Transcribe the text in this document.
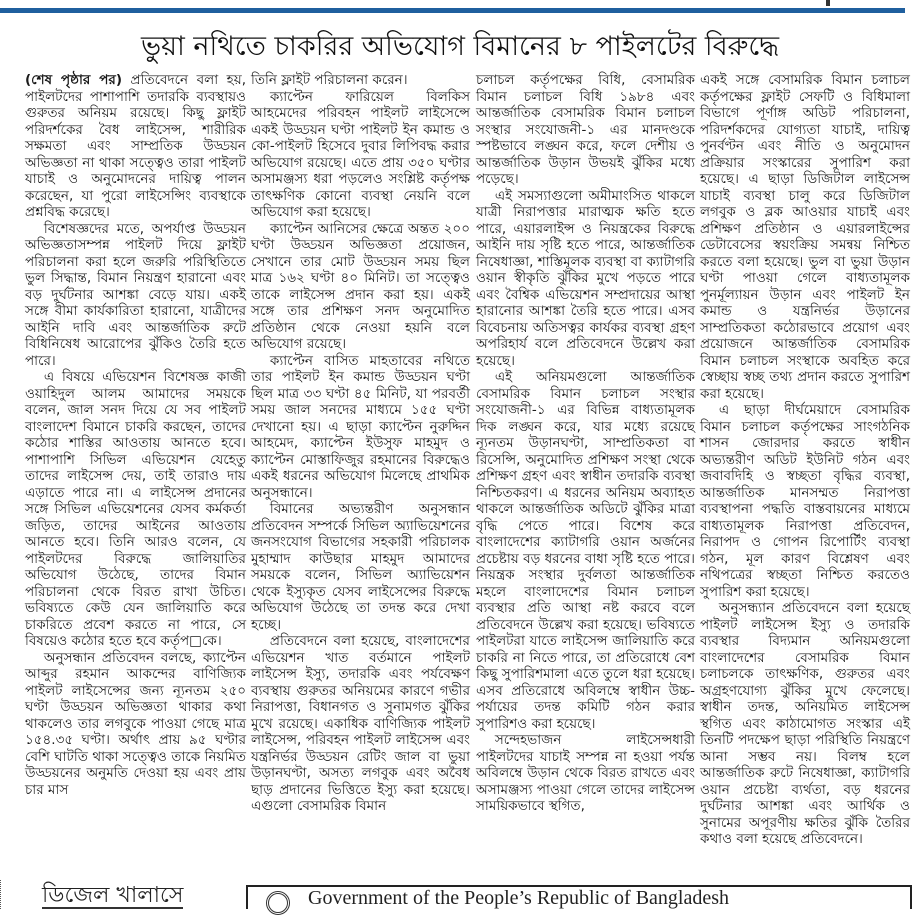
ভুয়া নথিতে চাকরির অভিযোগ বিমানের ৮ পাইলটের বিরুদ্ধে

(শেষ পৃষ্ঠার পর) প্রতিবেদনে বলা হয়, পাইলটদের পাশাপাশি তদারকি ব্যবস্থায়ও গুরুতর অনিয়ম রয়েছে। কিছু ফ্লাইট পরিদর্শকের বৈধ লাইসেন্স, শারীরিক সক্ষমতা এবং সাম্প্রতিক উড্ডয়ন অভিজ্ঞতা না থাকা সত্ত্বেও তারা পাইলট যাচাই ও অনুমোদনের দায়িত্ব পালন করেছেন, যা পুরো লাইসেন্সিং ব্যবস্থাকে প্রশ্নবিদ্ধ করেছে।

বিশেষজ্ঞদের মতে, অপর্যাপ্ত উড্ডয়ন অভিজ্ঞতাসম্পন্ন পাইলট দিয়ে ফ্লাইট পরিচালনা করা হলে জরুরি পরিস্থিতিতে ভুল সিদ্ধান্ত, বিমান নিয়ন্ত্রণ হারানো এবং বড় দুর্ঘটনার আশঙ্কা বেড়ে যায়। একই সঙ্গে বীমা কার্যকারিতা হারানো, যাত্রীদের আইনি দাবি এবং আন্তর্জাতিক রুটে বিধিনিষেধ আরোপের ঝুঁকিও তৈরি হতে পারে।

এ বিষয়ে এভিয়েশন বিশেষজ্ঞ কাজী ওয়াহিদুল আলম আমাদের সময়কে বলেন, জাল সনদ দিয়ে যে সব পাইলট বাংলাদেশ বিমানে চাকরি করছেন, তাদের কঠোর শাস্তির আওতায় আনতে হবে। পাশাপাশি সিভিল এভিয়েশন যেহেতু তাদের লাইসেন্স দেয়, তাই তারাও দায় এড়াতে পারে না। এ লাইসেন্স প্রদানের সঙ্গে সিভিল এভিয়েশনের যেসব কর্মকর্তা জড়িত, তাদের আইনের আওতায় আনতে হবে। তিনি আরও বলেন, যে পাইলটদের বিরুদ্ধে জালিয়াতির অভিযোগ উঠেছে, তাদের বিমান পরিচালনা থেকে বিরত রাখা উচিত। ভবিষ্যতে কেউ যেন জালিয়াতি করে চাকরিতে প্রবেশ করতে না পারে, সে বিষয়েও কঠোর হতে হবে কর্তৃপ□কে।

অনুসন্ধান প্রতিবেদন বলছে, ক্যাপ্টেন আব্দুর রহমান আকন্দের বাণিজ্যিক পাইলট লাইসেন্সের জন্য ন্যূনতম ২৫০ ঘণ্টা উড্ডয়ন অভিজ্ঞতা থাকার কথা থাকলেও তার লগবুকে পাওয়া গেছে মাত্র ১৫৪.৩৫ ঘণ্টা। অর্থাৎ প্রায় ৯৫ ঘণ্টার বেশি ঘাটতি থাকা সত্ত্বেও তাকে নিয়মিত উড্ডয়নের অনুমতি দেওয়া হয় এবং প্রায় চার মাস

তিনি ফ্লাইট পরিচালনা করেন।

ক্যাপ্টেন ফারিয়েল বিলকিস আহমেদের পরিবহন পাইলট লাইসেন্সে একই উড্ডয়ন ঘণ্টা পাইলট ইন কমান্ড ও কো-পাইলট হিসেবে দুবার লিপিবদ্ধ করার অভিযোগ রয়েছে। এতে প্রায় ৩৫০ ঘণ্টার অসামঞ্জস্য ধরা পড়লেও সংশ্লিষ্ট কর্তৃপক্ষ তাৎক্ষণিক কোনো ব্যবস্থা নেয়নি বলে অভিযোগ করা হয়েছে।

ক্যাপ্টেন আনিসের ক্ষেত্রে অন্তত ২০০ ঘণ্টা উড্ডয়ন অভিজ্ঞতা প্রয়োজন, সেখানে তার মোট উড্ডয়ন সময় ছিল মাত্র ১৬২ ঘণ্টা ৪০ মিনিট। তা সত্ত্বেও তাকে লাইসেন্স প্রদান করা হয়। একই সঙ্গে তার প্রশিক্ষণ সনদ অনুমোদিত প্রতিষ্ঠান থেকে নেওয়া হয়নি বলে অভিযোগ রয়েছে।

ক্যাপ্টেন বাসিত মাহতাবের নথিতে তার পাইলট ইন কমান্ড উড্ডয়ন ঘণ্টা ছিল মাত্র ৩৩ ঘণ্টা ৪৫ মিনিট, যা পরবর্তী সময় জাল সনদের মাধ্যমে ১৫৫ ঘণ্টা দেখানো হয়। এ ছাড়া ক্যাপ্টেন নুরুদ্দিন আহমেদ, ক্যাপ্টেন ইউসুফ মাহমুদ ও ক্যাপ্টেন মোস্তাফিজুর রহমানের বিরুদ্ধেও একই ধরনের অভিযোগ মিলেছে প্রাথমিক অনুসন্ধানে।

বিমানের অভ্যন্তরীণ অনুসন্ধান প্রতিবেদন সম্পর্কে সিভিল অ্যাভিয়েশনের জনসংযোগ বিভাগের সহকারী পরিচালক মুহাম্মাদ কাউছার মাহমুদ আমাদের সময়কে বলেন, সিভিল অ্যাভিয়েশন থেকে ইস্যুকৃত যেসব লাইসেন্সের বিরুদ্ধে অভিযোগ উঠেছে তা তদন্ত করে দেখা হচ্ছে।

প্রতিবেদনে বলা হয়েছে, বাংলাদেশের এভিয়েশন খাত বর্তমানে পাইলট লাইসেন্স ইস্যু, তদারকি এবং পর্যবেক্ষণ ব্যবস্থায় গুরুতর অনিয়মের কারণে গভীর নিরাপত্তা, বিধানগত ও সুনামগত ঝুঁকির মুখে রয়েছে। একাধিক বাণিজ্যিক পাইলট লাইসেন্স, পরিবহন পাইলট লাইসেন্স এবং যন্ত্রনির্ভর উড্ডয়ন রেটিং জাল বা ভুয়া উড়ানঘণ্টা, অসত্য লগবুক এবং অবৈধ ছাড় প্রদানের ভিত্তিতে ইস্যু করা হয়েছে। এগুলো বেসামরিক বিমান

চলাচল কর্তৃপক্ষের বিধি, বেসামরিক বিমান চলাচল বিধি ১৯৮৪ এবং আন্তর্জাতিক বেসামরিক বিমান চলাচল সংস্থার সংযোজনী-১ এর মানদণ্ডকে স্পষ্টভাবে লঙ্ঘন করে, ফলে দেশীয় ও আন্তর্জাতিক উড়ান উভয়ই ঝুঁকির মধ্যে পড়েছে।

এই সমস্যাগুলো অমীমাংসিত থাকলে যাত্রী নিরাপত্তার মারাত্মক ক্ষতি হতে পারে, এয়ারলাইন্স ও নিয়ন্ত্রকের বিরুদ্ধে আইনি দায় সৃষ্টি হতে পারে, আন্তর্জাতিক নিষেধাজ্ঞা, শাস্তিমূলক ব্যবস্থা বা ক্যাটাগরি ওয়ান স্বীকৃতি ঝুঁকির মুখে পড়তে পারে এবং বৈশ্বিক এভিয়েশন সম্প্রদায়ের আস্থা হারানোর আশঙ্কা তৈরি হতে পারে। এসব বিবেচনায় অতিসত্বর কার্যকর ব্যবস্থা গ্রহণ অপরিহার্য বলে প্রতিবেদনে উল্লেখ করা হয়েছে।

এই অনিয়মগুলো আন্তর্জাতিক বেসামরিক বিমান চলাচল সংস্থার সংযোজনী-১ এর বিভিন্ন বাধ্যতামূলক দিক লঙ্ঘন করে, যার মধ্যে রয়েছে ন্যূনতম উড়ানঘণ্টা, সাম্প্রতিকতা বা রিসেন্সি, অনুমোদিত প্রশিক্ষণ সংস্থা থেকে প্রশিক্ষণ গ্রহণ এবং স্বাধীন তদারকি ব্যবস্থা নিশ্চিতকরণ। এ ধরনের অনিয়ম অব্যাহত থাকলে আন্তর্জাতিক অডিটে ঝুঁকির মাত্রা বৃদ্ধি পেতে পারে। বিশেষ করে বাংলাদেশের ক্যাটাগরি ওয়ান অর্জনের প্রচেষ্টায় বড় ধরনের বাধা সৃষ্টি হতে পারে। নিয়ন্ত্রক সংস্থার দুর্বলতা আন্তর্জাতিক মহলে বাংলাদেশের বিমান চলাচল ব্যবস্থার প্রতি আস্থা নষ্ট করবে বলে প্রতিবেদনে উল্লেখ করা হয়েছে। ভবিষ্যতে পাইলটরা যাতে লাইসেন্স জালিয়াতি করে চাকরি না নিতে পারে, তা প্রতিরোধে বেশ কিছু সুপারিশমালা এতে তুলে ধরা হয়েছে। এসব প্রতিরোধে অবিলম্বে স্বাধীন উচ্চ-পর্যায়ের তদন্ত কমিটি গঠন করার সুপারিশও করা হয়েছে।

সন্দেহভাজন লাইসেন্সধারী পাইলটদের যাচাই সম্পন্ন না হওয়া পর্যন্ত অবিলম্বে উড়ান থেকে বিরত রাখতে এবং অসামঞ্জস্য পাওয়া গেলে তাদের লাইসেন্স সাময়িকভাবে স্থগিত,

একই সঙ্গে বেসামরিক বিমান চলাচল কর্তৃপক্ষের ফ্লাইট সেফটি ও বিধিমালা বিভাগে পূর্ণাঙ্গ অডিট পরিচালনা, পরিদর্শকদের যোগ্যতা যাচাই, দায়িত্ব পুনর্বণ্টন এবং নীতি ও অনুমোদন প্রক্রিয়ার সংস্কারের সুপারিশ করা হয়েছে। এ ছাড়া ডিজিটাল লাইসেন্স যাচাই ব্যবস্থা চালু করে ডিজিটাল লগবুক ও ব্লক আওয়ার যাচাই এবং প্রশিক্ষণ প্রতিষ্ঠান ও এয়ারলাইন্সের ডেটাবেসের স্বয়ংক্রিয় সমন্বয় নিশ্চিত করতে বলা হয়েছে। ভুল বা ভুয়া উড়ান ঘণ্টা পাওয়া গেলে বাধ্যতামূলক পুনর্মূল্যায়ন উড়ান এবং পাইলট ইন কমান্ড ও যন্ত্রনির্ভর উড়ানের সাম্প্রতিকতা কঠোরভাবে প্রয়োগ এবং প্রয়োজনে আন্তর্জাতিক বেসামরিক বিমান চলাচল সংস্থাকে অবহিত করে স্বেচ্ছায় স্বচ্ছ তথ্য প্রদান করতে সুপারিশ করা হয়েছে।

এ ছাড়া দীর্ঘমেয়াদে বেসামরিক বিমান চলাচল কর্তৃপক্ষের সাংগঠনিক শাসন জোরদার করতে স্বাধীন অভ্যন্তরীণ অডিট ইউনিট গঠন এবং জবাবদিহি ও স্বচ্ছতা বৃদ্ধির ব্যবস্থা, আন্তর্জাতিক মানসম্মত নিরাপত্তা ব্যবস্থাপনা পদ্ধতি বাস্তবায়নের মাধ্যমে বাধ্যতামূলক নিরাপত্তা প্রতিবেদন, নিরাপদ ও গোপন রিপোর্টিং ব্যবস্থা গঠন, মূল কারণ বিশ্লেষণ এবং নথিপত্রের স্বচ্ছতা নিশ্চিত করতেও সুপারিশ করা হয়েছে।

অনুসন্ধ্যান প্রতিবেদনে বলা হয়েছে পাইলট লাইসেন্স ইস্যু ও তদারকি ব্যবস্থার বিদ্যমান অনিয়মগুলো বাংলাদেশের বেসামরিক বিমান চলাচলকে তাৎক্ষণিক, গুরুতর এবং অগ্রহণযোগ্য ঝুঁকির মুখে ফেলেছে। স্বাধীন তদন্ত, অনিয়মিত লাইসেন্স স্থগিত এবং কাঠামোগত সংস্কার এই তিনটি পদক্ষেপ ছাড়া পরিস্থিতি নিয়ন্ত্রণে আনা সম্ভব নয়। বিলম্ব হলে আন্তর্জাতিক রুটে নিষেধাজ্ঞা, ক্যাটাগরি ওয়ান প্রচেষ্টা ব্যর্থতা, বড় ধরনের দুর্ঘটনার আশঙ্কা এবং আর্থিক ও সুনামের অপূরণীয় ক্ষতির ঝুঁকি তৈরির কথাও বলা হয়েছে প্রতিবেদনে।

ডিজেল খালাসে	Government of the People’s Republic of Bangladesh
